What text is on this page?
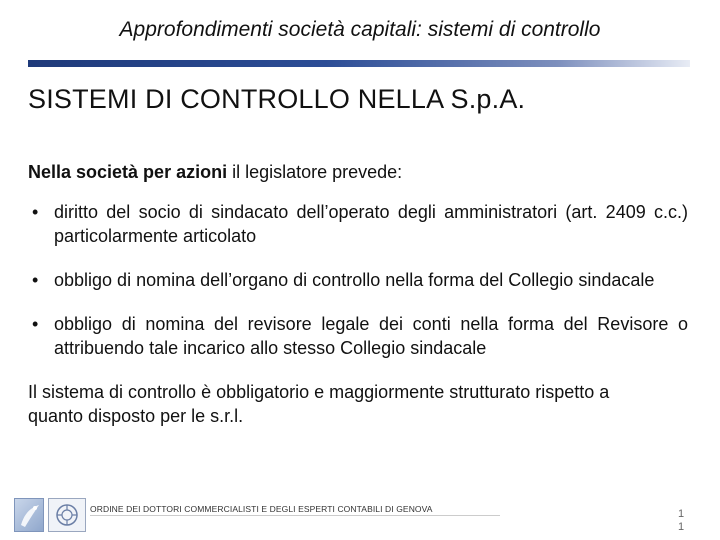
Approfondimenti società capitali: sistemi di controllo
SISTEMI DI CONTROLLO NELLA S.p.A.

Nella società per azioni il legislatore prevede:

• diritto del socio di sindacato dell’operato degli amministratori (art. 2409 c.c.) particolarmente articolato
• obbligo di nomina dell’organo di controllo nella forma del Collegio sindacale
• obbligo di nomina del revisore legale dei conti nella forma del Revisore o attribuendo tale incarico allo stesso Collegio sindacale

Il sistema di controllo è obbligatorio e maggiormente strutturato rispetto a quanto disposto per le s.r.l.

ORDINE DEI DOTTORI COMMERCIALISTI E DEGLI ESPERTI CONTABILI DI GENOVA	1
1
